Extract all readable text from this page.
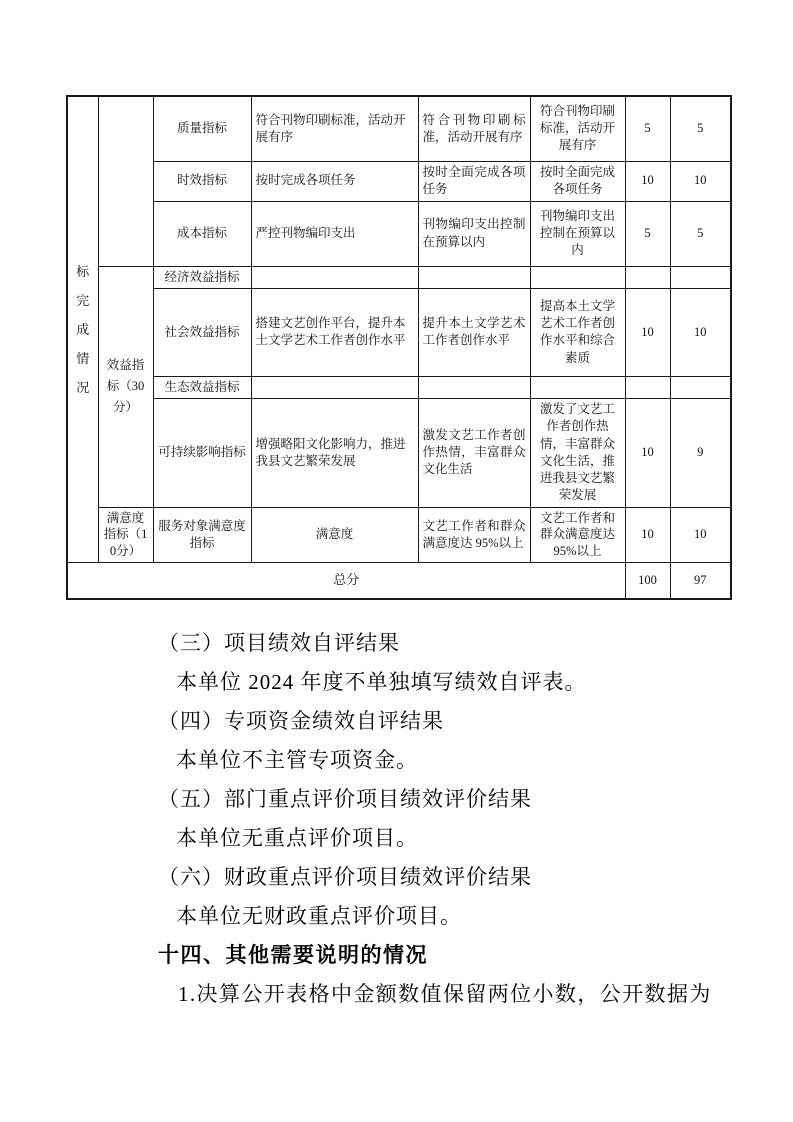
标完成情况		质量指标	符合刊物印刷标准，活动开展有序	符合刊物印刷标准，活动开展有序	符合刊物印刷标准，活动开展有序	5	5
		时效指标	按时完成各项任务	按时全面完成各项任务	按时全面完成各项任务	10	10
		成本指标	严控刊物编印支出	刊物编印支出控制在预算以内	刊物编印支出控制在预算以内	5	5
	效益指标（30分）	经济效益指标					
		社会效益指标	搭建文艺创作平台，提升本土文学艺术工作者创作水平	提升本土文学艺术工作者创作水平	提高本土文学艺术工作者创作水平和综合素质	10	10
		生态效益指标					
		可持续影响指标	增强略阳文化影响力，推进我县文艺繁荣发展	激发文艺工作者创作热情，丰富群众文化生活	激发了文艺工作者创作热情，丰富群众文化生活，推进我县文艺繁荣发展	10	9
	满意度指标（10分）	服务对象满意度指标	满意度	文艺工作者和群众满意度达 95%以上	文艺工作者和群众满意度达 95%以上	10	10
总分						100	97

（三）项目绩效自评结果

本单位 2024 年度不单独填写绩效自评表。

（四）专项资金绩效自评结果

本单位不主管专项资金。

（五）部门重点评价项目绩效评价结果

本单位无重点评价项目。

（六）财政重点评价项目绩效评价结果

本单位无财政重点评价项目。

十四、其他需要说明的情况

1.决算公开表格中金额数值保留两位小数，公开数据为
